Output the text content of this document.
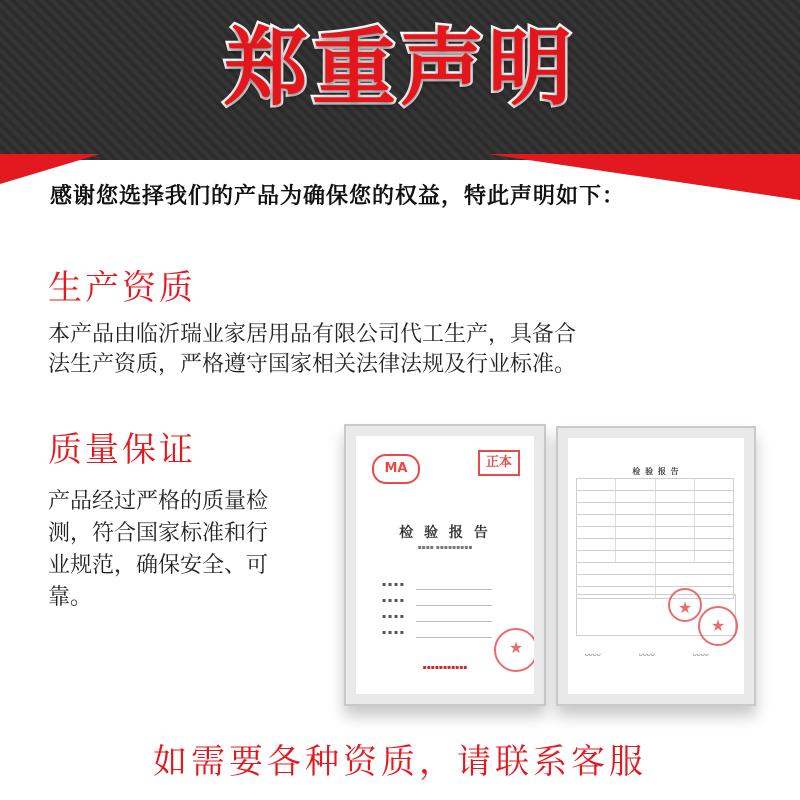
郑重声明
感谢您选择我们的产品为确保您的权益，特此声明如下：
生产资质
本产品由临沂瑞业家居用品有限公司代工生产，具备合
法生产资质，严格遵守国家相关法律法规及行业标准。
质量保证
产品经过严格的质量检
测，符合国家标准和行
业规范，确保安全、可
靠。
MA	正本
检 验 报 告
▪▪▪▪ ▪▪▪▪▪▪▪▪▪
▪ ▪ ▪ ▪
▪ ▪ ▪ ▪
▪ ▪ ▪ ▪
▪ ▪ ▪ ▪
★
▪▪▪▪▪▪▪▪▪▪▪
检 验 报 告
★
★
〰〰	〰〰	〰〰
如需要各种资质，请联系客服
